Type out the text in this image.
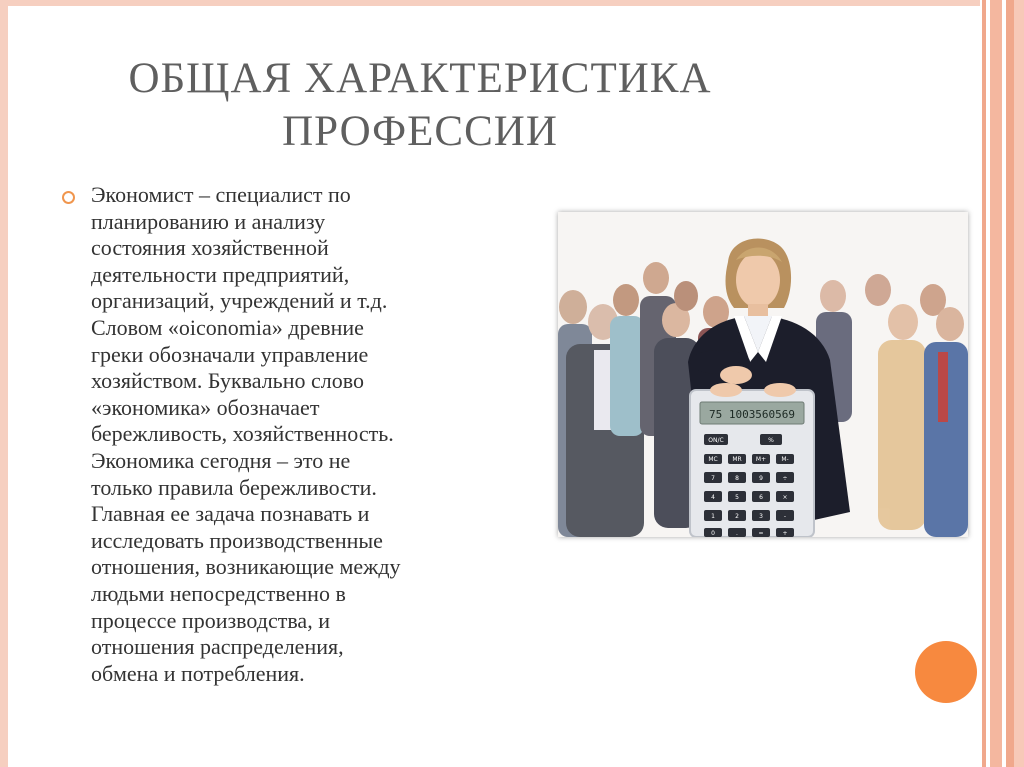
ОБЩАЯ ХАРАКТЕРИСТИКА
ПРОФЕССИИ
Экономист – специалист по
планированию и анализу
состояния хозяйственной
деятельности предприятий,
организаций, учреждений и т.д.
Словом «oiconomia» древние
греки обозначали управление
хозяйством. Буквально слово
«экономика» обозначает
бережливость, хозяйственность.
Экономика сегодня – это не
только правила бережливости.
Главная ее задача познавать и
исследовать производственные
отношения, возникающие между
людьми непосредственно в
процессе производства, и
отношения распределения,
обмена и потребления.
75 1003560569
ON/C	%
MC MR M+	M-
7	8	9	÷
4	5	6	×
1	2	3	-
0	.	=	+
